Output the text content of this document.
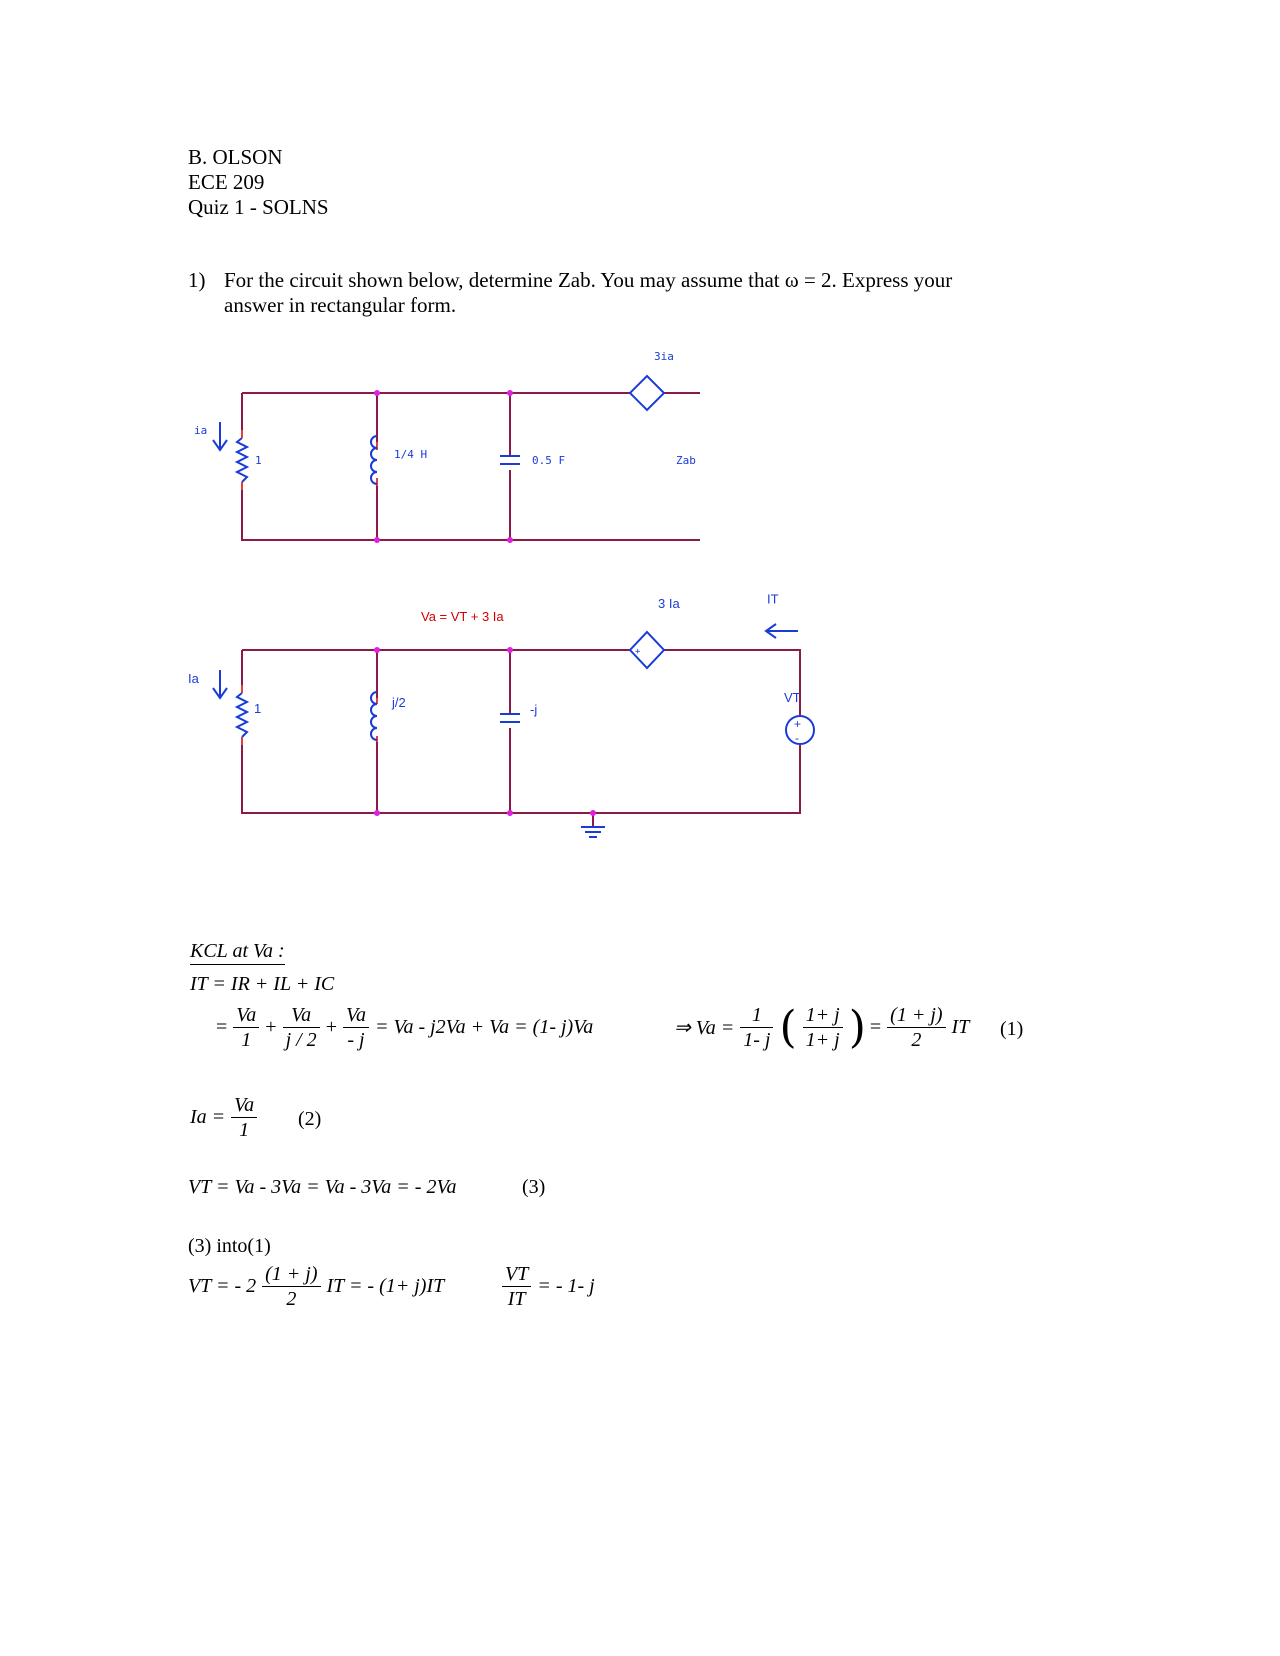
B. OLSON
ECE 209
Quiz 1 - SOLNS
1) For the circuit shown below, determine Zab. You may assume that ω = 2. Express your
answer in rectangular form.
ia
1	1/4 H	0.5 F
3ia
Zab
+
+
-
Ia
1	j/2	-j
Va = VT + 3 Ia
3 Ia	IT
VT
KCL at Va :
IT = IR + IL + IC
= $\frac{Va}{1} + \frac{Va}{j / 2} + \frac{Va}{- j} = Va - j2Va + Va = (1-$ j)Va	⇒ $Va = \frac{1}{1- j}$ ( $\frac{1+ j}{1+ j}$ ) = $\frac{(1 + j)}{2}$ IT (1)
$Ia = \frac{Va}{1} (2)$
VT = Va - 3Va = Va - 3Va = - 2Va	(3)
(3) into(1)
VT = - $2 \frac{(1 + j)}{2}$ IT = - (1+ j)IT	$\frac{VT}{IT}$ = - 1- j
